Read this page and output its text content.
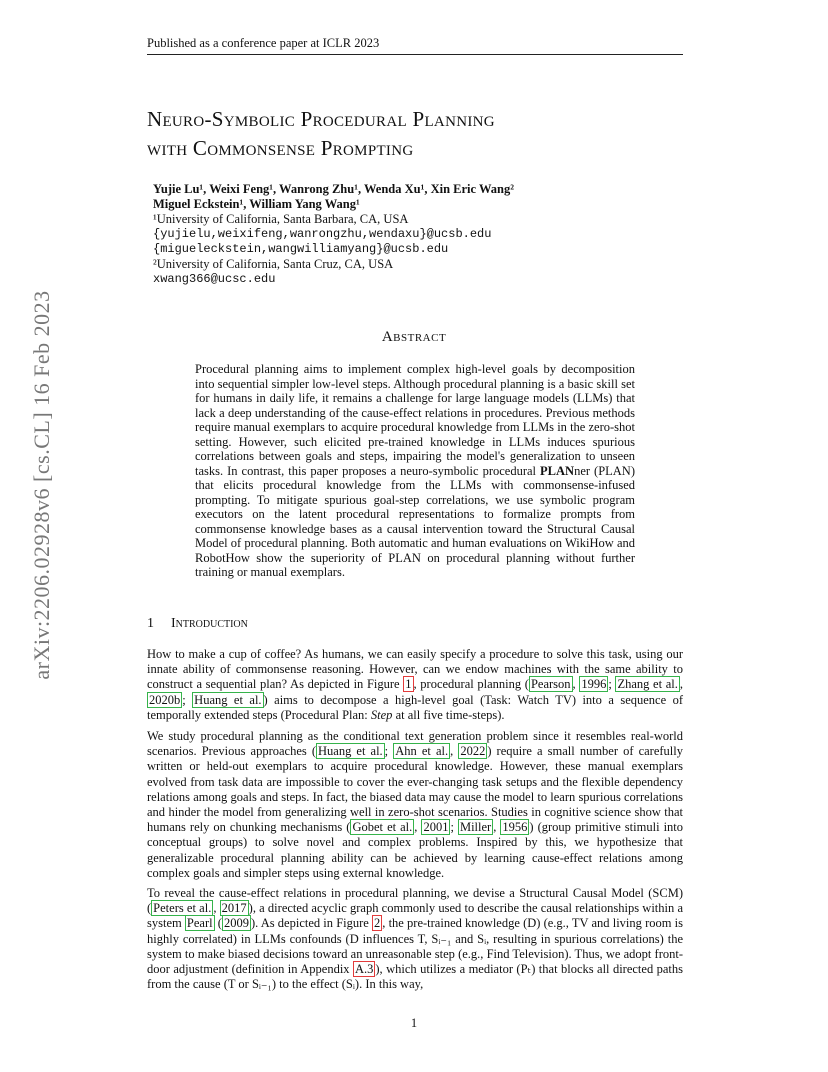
Published as a conference paper at ICLR 2023
arXiv:2206.02928v6 [cs.CL] 16 Feb 2023
Neuro-Symbolic Procedural Planning
with Commonsense Prompting
Yujie Lu¹, Weixi Feng¹, Wanrong Zhu¹, Wenda Xu¹, Xin Eric Wang²
Miguel Eckstein¹, William Yang Wang¹
¹University of California, Santa Barbara, CA, USA
{yujielu,weixifeng,wanrongzhu,wendaxu}@ucsb.edu
{migueleckstein,wangwilliamyang}@ucsb.edu
²University of California, Santa Cruz, CA, USA
xwang366@ucsc.edu
Abstract
Procedural planning aims to implement complex high-level goals by decomposition into sequential simpler low-level steps. Although procedural planning is a basic skill set for humans in daily life, it remains a challenge for large language models (LLMs) that lack a deep understanding of the cause-effect relations in procedures. Previous methods require manual exemplars to acquire procedural knowledge from LLMs in the zero-shot setting. However, such elicited pre-trained knowledge in LLMs induces spurious correlations between goals and steps, impairing the model's generalization to unseen tasks. In contrast, this paper proposes a neuro-symbolic procedural PLANner (PLAN) that elicits procedural knowledge from the LLMs with commonsense-infused prompting. To mitigate spurious goal-step correlations, we use symbolic program executors on the latent procedural representations to formalize prompts from commonsense knowledge bases as a causal intervention toward the Structural Causal Model of procedural planning. Both automatic and human evaluations on WikiHow and RobotHow show the superiority of PLAN on procedural planning without further training or manual exemplars.
1 Introduction
How to make a cup of coffee? As humans, we can easily specify a procedure to solve this task, using our innate ability of commonsense reasoning. However, can we endow machines with the same ability to construct a sequential plan? As depicted in Figure 1 , procedural planning ( Pearson , 1996 ; Zhang et al. , 2020b ; Huang et al. ) aims to decompose a high-level goal (Task: Watch TV) into a sequence of temporally extended steps (Procedural Plan: Step at all five time-steps).
We study procedural planning as the conditional text generation problem since it resembles real-world scenarios. Previous approaches ( Huang et al. ; Ahn et al. , 2022 ) require a small number of carefully written or held-out exemplars to acquire procedural knowledge. However, these manual exemplars evolved from task data are impossible to cover the ever-changing task setups and the flexible dependency relations among goals and steps. In fact, the biased data may cause the model to learn spurious correlations and hinder the model from generalizing well in zero-shot scenarios. Studies in cognitive science show that humans rely on chunking mechanisms ( Gobet et al. , 2001 ; Miller , 1956 ) (group primitive stimuli into conceptual groups) to solve novel and complex problems. Inspired by this, we hypothesize that generalizable procedural planning ability can be achieved by learning cause-effect relations among complex goals and simpler steps using external knowledge.
To reveal the cause-effect relations in procedural planning, we devise a Structural Causal Model (SCM) ( Peters et al. , 2017 ), a directed acyclic graph commonly used to describe the causal relationships within a system Pearl ( 2009 ). As depicted in Figure 2 , the pre-trained knowledge (D) (e.g., TV and living room is highly correlated) in LLMs confounds (D influences T, Sᵢ₋₁ and Sᵢ, resulting in spurious correlations) the system to make biased decisions toward an unreasonable step (e.g., Find Television). Thus, we adopt front-door adjustment (definition in Appendix A.3 ), which utilizes a mediator (Pₜ) that blocks all directed paths from the cause (T or Sᵢ₋₁) to the effect (Sᵢ). In this way,
1
